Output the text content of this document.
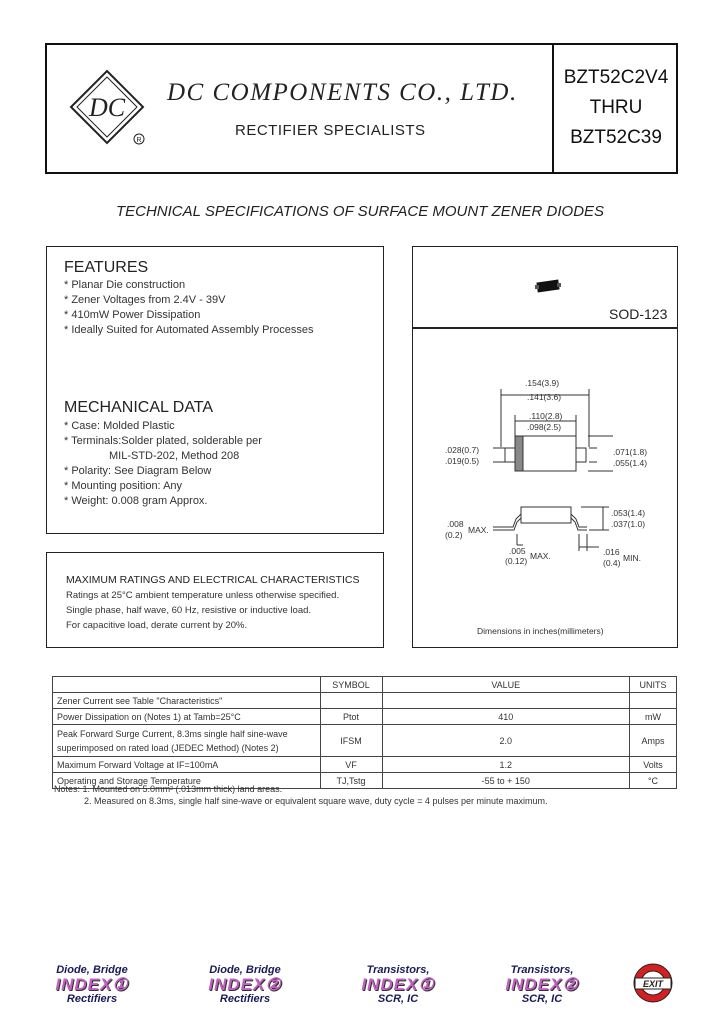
DC
R
DC COMPONENTS CO., LTD.
RECTIFIER SPECIALISTS
BZT52C2V4
THRU
BZT52C39
TECHNICAL SPECIFICATIONS OF SURFACE MOUNT ZENER DIODES
FEATURES
* Planar Die construction
* Zener Voltages from 2.4V - 39V
* 410mW Power Dissipation
* Ideally Suited for Automated Assembly Processes
MECHANICAL DATA
* Case: Molded Plastic
* Terminals:Solder plated, solderable per
MIL-STD-202, Method 208
* Polarity: See Diagram Below
* Mounting position: Any
* Weight: 0.008 gram Approx.
MAXIMUM RATINGS AND ELECTRICAL CHARACTERISTICS
Ratings at 25°C ambient temperature unless otherwise specified.
Single phase, half wave, 60 Hz, resistive or inductive load.
For capacitive load, derate current by 20%.
SOD-123
.154(3.9)
.141(3.6)
.110(2.8)
.098(2.5)
.028(0.7)
.019(0.5)
.071(1.8)
.055(1.4)
.053(1.4)
.037(1.0)
.008
(0.2) MAX.
.005
(0.12) MAX.	.016
(0.4) MIN.
Dimensions in inches(millimeters)
	SYMBOL	VALUE	UNITS
Zener Current see Table "Characteristics"			
Power Dissipation on (Notes 1) at Tamb=25°C	Ptot	410	mW

Peak Forward Surge Current, 8.3ms single half sine-wave
superimposed on rated load (JEDEC Method) (Notes 2)	IFSM	2.0	Amps
Maximum Forward Voltage at IF=100mA	VF	1.2	Volts
Operating and Storage Temperature	TJ,Tstg	-55 to + 150	°C
Notes: 1. Mounted on 5.0mm² (.013mm thick) land areas.
2. Measured on 8.3ms, single half sine-wave or equivalent square wave, duty cycle = 4 pulses per minute maximum.
Diode, Bridge
INDEX①
Rectifiers
Diode, Bridge
INDEX②
Rectifiers
Transistors,
INDEX①
SCR, IC
Transistors,
INDEX②
SCR, IC
EXIT
